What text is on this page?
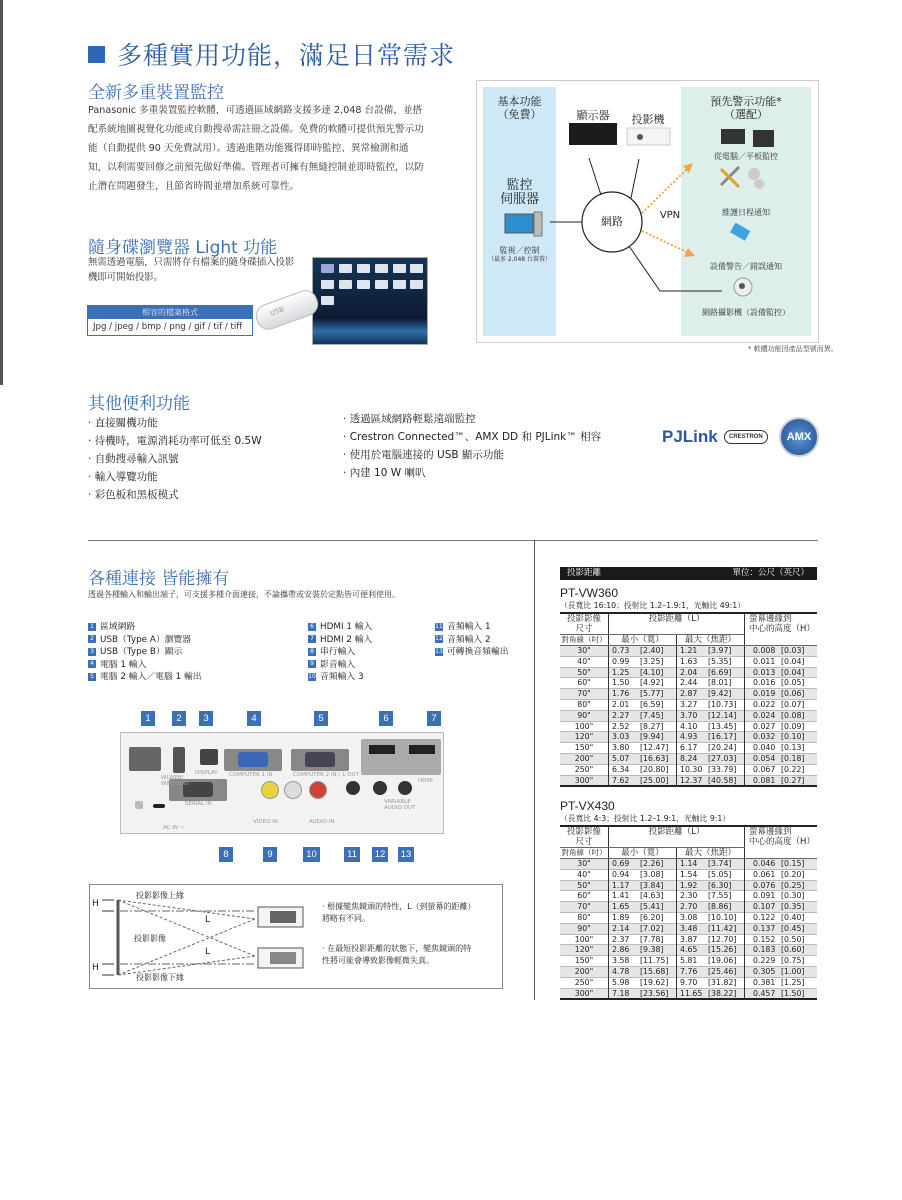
多種實用功能，滿足日常需求
全新多重裝置監控
Panasonic 多重裝置監控軟體，可透過區域網路支援多達 2,048 台設備，並搭配系統地圖視覺化功能或自動搜尋需註冊之設備。免費的軟體可提供預先警示功能（自動提供 90 天免費試用）。透過進階功能獲得即時監控、異常檢測和通知，以利需要回修之前預先做好準備。管理者可擁有無縫控制並即時監控，以防止潛在問題發生，且節省時間並增加系統可靠性。
基本功能
（免費）
監控
伺服器
監視／控制
（最多 2,048 台裝置）
顯示器	投影機
網路	VPN
預先警示功能*
（選配）
從電腦／平板監控
維護日程通知
設備警告／錯誤通知
網路攝影機（設備監控）
* 軟體功能因產品型號而異。
隨身碟瀏覽器 Light 功能
無需透過電腦，只需將存有檔案的隨身碟插入投影機即可開始投影。
相容的檔案格式
Jpg / jpeg / bmp / png / gif / tif / tiff
USB
其他便利功能
· 直接關機功能
· 待機時，電源消耗功率可低至 0.5W
· 自動搜尋輸入訊號
· 輸入導覽功能
· 彩色板和黑板模式
· 透過區域網路輕鬆遠端監控
· Crestron Connected™、AMX DD 和 PJLink™ 相容
· 使用於電腦連接的 USB 顯示功能
· 內建 10 W 喇叭
PJLink	CRESTRON	AMX
各種連接 皆能擁有
透過各種輸入和輸出端子，可支援多種介面連接，不論攜帶或安裝於定點皆可便利使用。
1 區域網路
2 USB（Type A）瀏覽器
3 USB（Type B）顯示
4 電腦 1 輸入
5 電腦 2 輸入／電腦 1 輸出
6 HDMI 1 輸入
7 HDMI 2 輸入
8 串行輸入
9 影音輸入
10 音頻輸入 3
11 音頻輸入 1
12 音頻輸入 2
13 可轉換音頻輸出
1	2	3	4	5	6	7
WLWEB/
WIRELESS
DISPLAY COMPUTER 1 IN	COMPUTER 2 IN / 1 OUT
SERIAL IN
VIDEO IN	AUDIO IN
VARIABLE
AUDIO OUT
HDMI
AC IN ~
8	9	10	11	12 13
投影影像上緣
投影影像
投影影像下緣
H
H
L
L
· 根據變焦鏡頭的特性，L（到螢幕的距離）將略有不同。
· 在最短投影距離的狀態下，變焦鏡頭的特性將可能會導致影像輕微失真。
投影距離	單位：公尺（英尺）
PT-VW360
（長寬比 16:10；投射比 1.2–1.9:1，光軸比 49:1）
投影影像
尺寸	投影距離（L）		螢幕邊緣到
中心的高度（H）
對角線（吋）	最小（寬）	最大（焦距）	
30"	0.73 [2.40]	1.21 [3.97]	0.008 [0.03]
40"	0.99 [3.25]	1.63 [5.35]	0.011 [0.04]
50"	1.25 [4.10]	2.04 [6.69]	0.013 [0.04]
60"	1.50 [4.92]	2.44 [8.01]	0.016 [0.05]
70"	1.76 [5.77]	2.87 [9.42]	0.019 [0.06]
80"	2.01 [6.59]	3.27 [10.73]	0.022 [0.07]
90"	2.27 [7.45]	3.70 [12.14]	0.024 [0.08]
100"	2.52 [8.27]	4.10 [13.45]	0.027 [0.09]
120"	3.03 [9.94]	4.93 [16.17]	0.032 [0.10]
150"	3.80 [12.47]	6.17 [20.24]	0.040 [0.13]
200"	5.07 [16.63]	8.24 [27.03]	0.054 [0.18]
250"	6.34 [20.80]	10.30 [33.79]	0.067 [0.22]
300"	7.62 [25.00]	12.37 [40.58]	0.081 [0.27]
PT-VX430
（長寬比 4:3；投射比 1.2–1.9:1，光軸比 9:1）
投影影像
尺寸	投影距離（L）		螢幕邊緣到
中心的高度（H）
對角線（吋）	最小（寬）	最大（焦距）	
30"	0.69 [2.26]	1.14 [3.74]	0.046 [0.15]
40"	0.94 [3.08]	1.54 [5.05]	0.061 [0.20]
50"	1.17 [3.84]	1.92 [6.30]	0.076 [0.25]
60"	1.41 [4.63]	2.30 [7.55]	0.091 [0.30]
70"	1.65 [5.41]	2.70 [8.86]	0.107 [0.35]
80"	1.89 [6.20]	3.08 [10.10]	0.122 [0.40]
90"	2.14 [7.02]	3.48 [11.42]	0.137 [0.45]
100"	2.37 [7.78]	3.87 [12.70]	0.152 [0.50]
120"	2.86 [9.38]	4.65 [15.26]	0.183 [0.60]
150"	3.58 [11.75]	5.81 [19.06]	0.229 [0.75]
200"	4.78 [15.68]	7.76 [25.46]	0.305 [1.00]
250"	5.98 [19.62]	9.70 [31.82]	0.381 [1.25]
300"	7.18 [23.56]	11.65 [38.22]	0.457 [1.50]
